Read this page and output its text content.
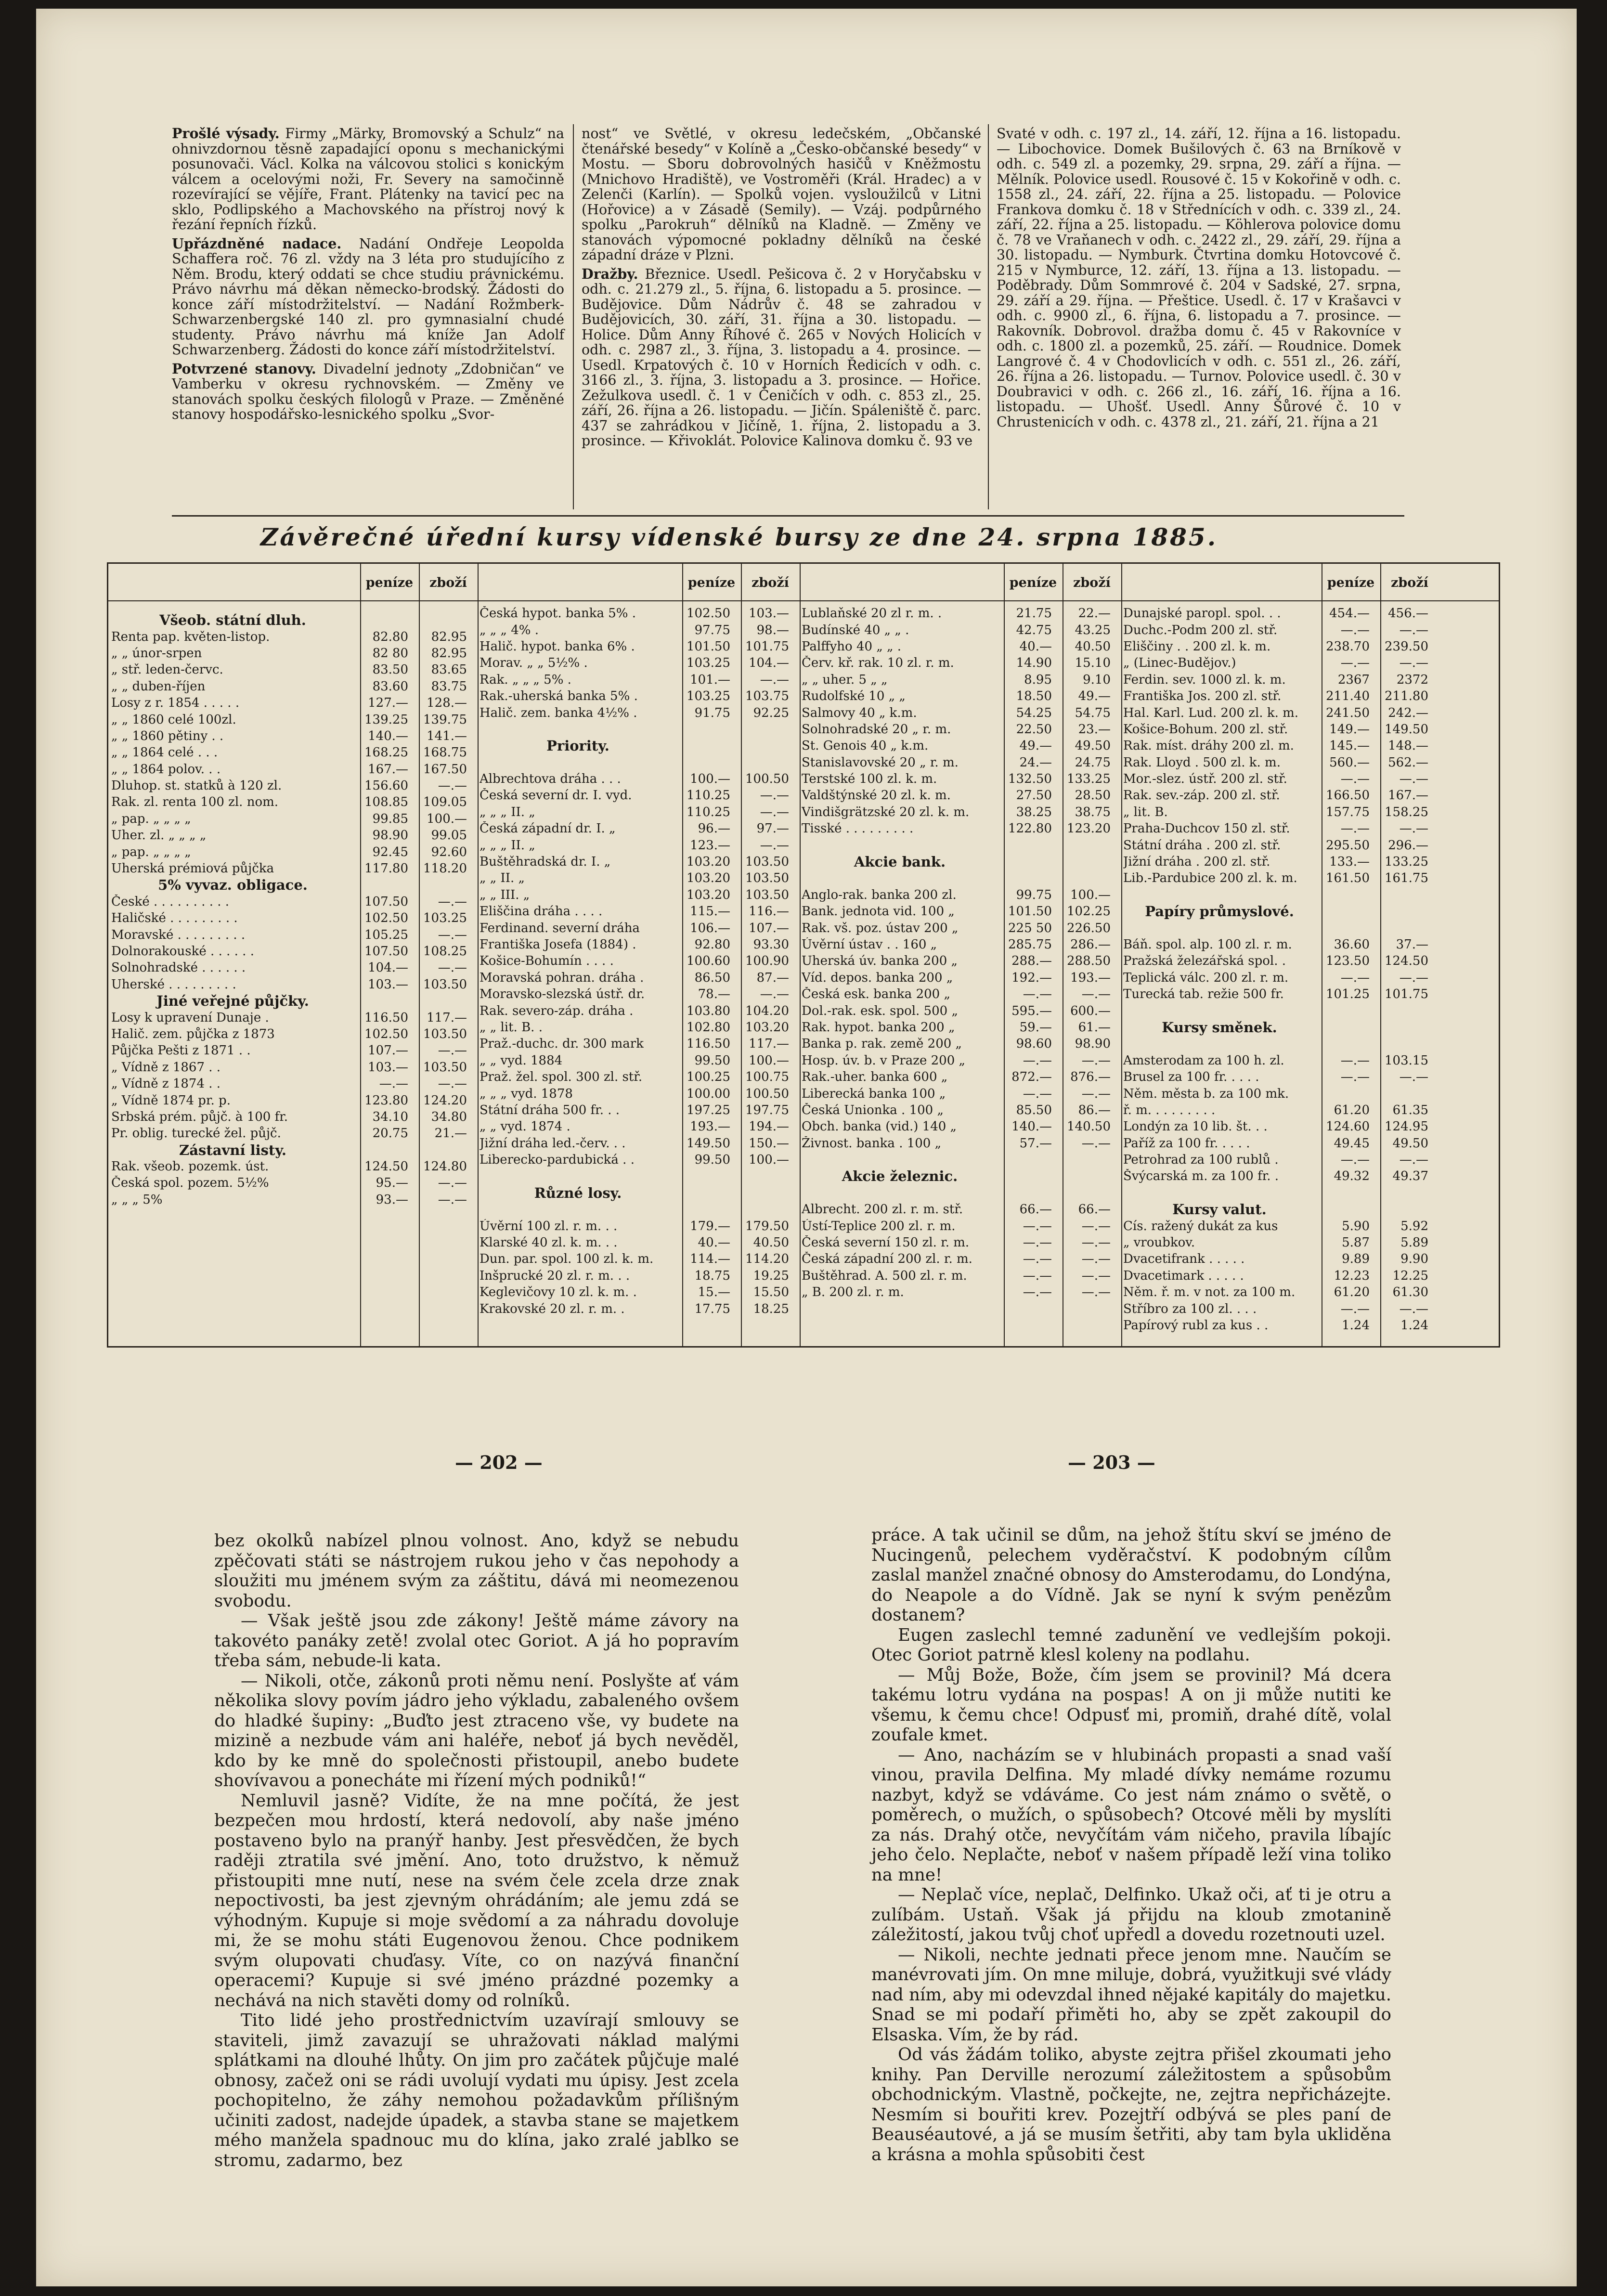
Prošlé výsady. Firmy „Märky, Bromovský a Schulz“ na ohnivzdornou těsně zapadající oponu s mechanickými posunovači. Václ. Kolka na válcovou stolici s konickým válcem a ocelovými noži, Fr. Severy na samočinně rozevírající se vějíře, Frant. Plátenky na tavicí pec na sklo, Podlipského a Machovského na přístroj nový k řezání řepních řízků.

Upřázdněné nadace. Nadání Ondřeje Leopolda Schaffera roč. 76 zl. vždy na 3 léta pro studujícího z Něm. Brodu, který oddati se chce studiu právnickému. Právo návrhu má děkan německo-brodský. Žádosti do konce září místodržitelství. — Nadání Rožmberk-Schwarzenbergské 140 zl. pro gymnasialní chudé studenty. Právo návrhu má kníže Jan Adolf Schwarzenberg. Žádosti do konce září místodržitelství.

Potvrzené stanovy. Divadelní jednoty „Zdobničan“ ve Vamberku v okresu rychnovském. — Změny ve stanovách spolku českých filologů v Praze. — Změněné stanovy hospodářsko-lesnického spolku „Svor-

nost“ ve Světlé, v okresu ledečském, „Občanské čtenářské besedy“ v Kolíně a „Česko-občanské besedy“ v Mostu. — Sboru dobrovolných hasičů v Kněžmostu (Mnichovo Hradiště), ve Vostroměři (Král. Hradec) a v Zelenči (Karlín). — Spolků vojen. vysloužilců v Litni (Hořovice) a v Zásadě (Semily). — Vzáj. podpůrného spolku „Parokruh“ dělníků na Kladně. — Změny ve stanovách výpomocné pokladny dělníků na české západní dráze v Plzni.

Dražby. Březnice. Usedl. Pešicova č. 2 v Horyčabsku v odh. c. 21.279 zl., 5. října, 6. listopadu a 5. prosince. — Budějovice. Dům Nádrův č. 48 se zahradou v Budějovicích, 30. září, 31. října a 30. listopadu. — Holice. Dům Anny Říhové č. 265 v Nových Holicích v odh. c. 2987 zl., 3. října, 3. listopadu a 4. prosince. — Usedl. Krpatových č. 10 v Horních Ředicích v odh. c. 3166 zl., 3. října, 3. listopadu a 3. prosince. — Hořice. Zežulkova usedl. č. 1 v Čeničích v odh. c. 853 zl., 25. září, 26. října a 26. listopadu. — Jičín. Spáleniště č. parc. 437 se zahrádkou v Jičíně, 1. října, 2. listopadu a 3. prosince. — Křivoklát. Polovice Kalinova domku č. 93 ve

Svaté v odh. c. 197 zl., 14. září, 12. října a 16. listopadu. — Libochovice. Domek Bušilových č. 63 na Brníkově v odh. c. 549 zl. a pozemky, 29. srpna, 29. září a října. — Mělník. Polovice usedl. Rousové č. 15 v Kokořině v odh. c. 1558 zl., 24. září, 22. října a 25. listopadu. — Polovice Frankova domku č. 18 v Střednících v odh. c. 339 zl., 24. září, 22. října a 25. listopadu. — Köhlerova polovice domu č. 78 ve Vraňanech v odh. c. 2422 zl., 29. září, 29. října a 30. listopadu. — Nymburk. Čtvrtina domku Hotovcové č. 215 v Nymburce, 12. září, 13. října a 13. listopadu. — Poděbrady. Dům Sommrové č. 204 v Sadské, 27. srpna, 29. září a 29. října. — Přeštice. Usedl. č. 17 v Krašavci v odh. c. 9900 zl., 6. října, 6. listopadu a 7. prosince. — Rakovník. Dobrovol. dražba domu č. 45 v Rakovníce v odh. c. 1800 zl. a pozemků, 25. září. — Roudnice. Domek Langrové č. 4 v Chodovlicích v odh. c. 551 zl., 26. září, 26. října a 26. listopadu. — Turnov. Polovice usedl. č. 30 v Doubravici v odh. c. 266 zl., 16. září, 16. října a 16. listopadu. — Uhošť. Usedl. Anny Šůrové č. 10 v Chrustenicích v odh. c. 4378 zl., 21. září, 21. října a 21

Závěrečné úřední kursy vídenské bursy ze dne 24. srpna 1885.
peníze	zboží	peníze	zboží	peníze	zboží	peníze	zboží
Všeob. státní dluh.
Renta pap. květen-listop.	82.80	82.95
„ „ únor-srpen	82 80	82.95
„ stř. leden-červc.	83.50	83.65
„ „ duben-říjen	83.60	83.75
Losy z r. 1854 . . . . .	127.—	128.—
„ „ 1860 celé 100zl.	139.25	139.75
„ „ 1860 pětiny . .	140.—	141.—
„ „ 1864 celé . . .	168.25	168.75
„ „ 1864 polov. . .	167.—	167.50
Dluhop. st. statků à 120 zl.	156.60	—.—
Rak. zl. renta 100 zl. nom.	108.85	109.05
„ pap. „ „ „ „	99.85	100.—
Uher. zl. „ „ „ „	98.90	99.05
„ pap. „ „ „ „	92.45	92.60
Uherská prémiová půjčka	117.80	118.20
5% vyvaz. obligace.
České . . . . . . . . . .	107.50	—.—
Haličské . . . . . . . . .	102.50	103.25
Moravské . . . . . . . . .	105.25	—.—
Dolnorakouské . . . . . .	107.50	108.25
Solnohradské . . . . . .	104.—	—.—
Uherské . . . . . . . . .	103.—	103.50
Jiné veřejné půjčky.
Losy k upravení Dunaje .	116.50	117.—
Halič. zem. půjčka z 1873	102.50	103.50
Půjčka Pešti z 1871 . .	107.—	—.—
„ Vídně z 1867 . .	103.—	103.50
„ Vídně z 1874 . .	—.—	—.—
„ Vídně 1874 pr. p.	123.80	124.20
Srbská prém. půjč. à 100 fr.	34.10	34.80
Pr. oblig. turecké žel. půjč.	20.75	21.—
Zástavní listy.
Rak. všeob. pozemk. úst.	124.50	124.80
Česká spol. pozem. 5⅟₂%	95.—	—.—
„ „ „ 5%	93.—	—.—
Česká hypot. banka 5% .	102.50	103.—
„ „ „ 4% .	97.75	98.—
Halič. hypot. banka 6% .	101.50	101.75
Morav. „ „ 5⅟₂% .	103.25	104.—
Rak. „ „ „ 5% .	101.—	—.—
Rak.-uherská banka 5% .	103.25	103.75
Halič. zem. banka 4⅟₂% .	91.75	92.25
Priority.
Albrechtova dráha . . .	100.—	100.50
Česká severní dr. I. vyd.	110.25	—.—
„ „ „ II. „	110.25	—.—
Česká západní dr. I. „	96.—	97.—
„ „ „ II. „	123.—	—.—
Buštěhradská dr. I. „	103.20	103.50
„ „ II. „	103.20	103.50
„ „ III. „	103.20	103.50
Eliščina dráha . . . .	115.—	116.—
Ferdinand. severní dráha	106.—	107.—
Františka Josefa (1884) .	92.80	93.30
Košice-Bohumín . . . .	100.60	100.90
Moravská pohran. dráha .	86.50	87.—
Moravsko-slezská ústř. dr.	78.—	—.—
Rak. severo-záp. dráha .	103.80	104.20
„ „ lit. B. .	102.80	103.20
Praž.-duchc. dr. 300 mark	116.50	117.—
„ „ vyd. 1884	99.50	100.—
Praž. žel. spol. 300 zl. stř.	100.25	100.75
„ „ „ vyd. 1878	100.00	100.50
Státní dráha 500 fr. . .	197.25	197.75
„ „ vyd. 1874 .	193.—	194.—
Jižní dráha led.-červ. . .	149.50	150.—
Liberecko-pardubická . .	99.50	100.—
Různé losy.
Úvěrní 100 zl. r. m. . .	179.—	179.50
Klarské 40 zl. k. m. . .	40.—	40.50
Dun. par. spol. 100 zl. k. m.	114.—	114.20
Inšprucké 20 zl. r. m. . .	18.75	19.25
Keglevičovy 10 zl. k. m. .	15.—	15.50
Krakovské 20 zl. r. m. .	17.75	18.25
Lublaňské 20 zl r. m. .	21.75	22.—
Budínské 40 „ „ .	42.75	43.25
Palffyho 40 „ „ .	40.—	40.50
Červ. kř. rak. 10 zl. r. m.	14.90	15.10
„ „ uher. 5 „ „	8.95	9.10
Rudolfské 10 „ „	18.50	49.—
Salmovy 40 „ k.m.	54.25	54.75
Solnohradské 20 „ r. m.	22.50	23.—
St. Genois 40 „ k.m.	49.—	49.50
Stanislavovské 20 „ r. m.	24.—	24.75
Terstské 100 zl. k. m.	132.50	133.25
Valdštýnské 20 zl. k. m.	27.50	28.50
Vindišgrätzské 20 zl. k. m.	38.25	38.75
Tisské . . . . . . . . .	122.80	123.20
Akcie bank.
Anglo-rak. banka 200 zl.	99.75	100.—
Bank. jednota vid. 100 „	101.50	102.25
Rak. vš. poz. ústav 200 „	225 50	226.50
Úvěrní ústav . . 160 „	285.75	286.—
Uherská úv. banka 200 „	288.—	288.50
Víd. depos. banka 200 „	192.—	193.—
Česká esk. banka 200 „	—.—	—.—
Dol.-rak. esk. spol. 500 „	595.—	600.—
Rak. hypot. banka 200 „	59.—	61.—
Banka p. rak. země 200 „	98.60	98.90
Hosp. úv. b. v Praze 200 „	—.—	—.—
Rak.-uher. banka 600 „	872.—	876.—
Liberecká banka 100 „	—.—	—.—
Česká Unionka . 100 „	85.50	86.—
Obch. banka (vid.) 140 „	140.—	140.50
Živnost. banka . 100 „	57.—	—.—
Akcie železnic.
Albrecht. 200 zl. r. m. stř.	66.—	66.—
Ústí-Teplice 200 zl. r. m.	—.—	—.—
Česká severní 150 zl. r. m.	—.—	—.—
Česká západní 200 zl. r. m.	—.—	—.—
Buštěhrad. A. 500 zl. r. m.	—.—	—.—
„ B. 200 zl. r. m.	—.—	—.—
Dunajské paropl. spol. . .	454.—	456.—
Duchc.-Podm 200 zl. stř.	—.—	—.—
Eliščiny . . 200 zl. k. m.	238.70	239.50
„ (Linec-Budějov.)	—.—	—.—
Ferdin. sev. 1000 zl. k. m.	2367	2372
Františka Jos. 200 zl. stř.	211.40	211.80
Hal. Karl. Lud. 200 zl. k. m.	241.50	242.—
Košice-Bohum. 200 zl. stř.	149.—	149.50
Rak. míst. dráhy 200 zl. m.	145.—	148.—
Rak. Lloyd . 500 zl. k. m.	560.—	562.—
Mor.-slez. ústř. 200 zl. stř.	—.—	—.—
Rak. sev.-záp. 200 zl. stř.	166.50	167.—
„ lit. B.	157.75	158.25
Praha-Duchcov 150 zl. stř.	—.—	—.—
Státní dráha . 200 zl. stř.	295.50	296.—
Jižní dráha . 200 zl. stř.	133.—	133.25
Lib.-Pardubice 200 zl. k. m.	161.50	161.75
Papíry průmyslové.
Báň. spol. alp. 100 zl. r. m.	36.60	37.—
Pražská železářská spol. .	123.50	124.50
Teplická válc. 200 zl. r. m.	—.—	—.—
Turecká tab. režie 500 fr.	101.25	101.75
Kursy směnek.
Amsterodam za 100 h. zl.	—.—	103.15
Brusel za 100 fr. . . . .	—.—	—.—
Něm. města b. za 100 mk.
ř. m. . . . . . . . .	61.20	61.35
Londýn za 10 lib. št. . .	124.60	124.95
Paříž za 100 fr. . . . .	49.45	49.50
Petrohrad za 100 rublů .	—.—	—.—
Švýcarská m. za 100 fr. .	49.32	49.37
Kursy valut.
Cís. ražený dukát za kus	5.90	5.92
„ vroubkov.	5.87	5.89
Dvacetifrank . . . . .	9.89	9.90
Dvacetimark . . . . .	12.23	12.25
Něm. ř. m. v not. za 100 m.	61.20	61.30
Stříbro za 100 zl. . . .	—.—	—.—
Papírový rubl za kus . .	1.24	1.24
— 202 —	— 203 —

bez okolků nabízel plnou volnost. Ano, když se nebudu zpěčovati státi se nástrojem rukou jeho v čas nepohody a sloužiti mu jménem svým za záštitu, dává mi neomezenou svobodu.

— Však ještě jsou zde zákony! Ještě máme závory na takovéto panáky zetě! zvolal otec Goriot. A já ho popravím třeba sám, nebude-li kata.

— Nikoli, otče, zákonů proti němu není. Poslyšte ať vám několika slovy povím jádro jeho výkladu, zabaleného ovšem do hladké šupiny: „Buďto jest ztraceno vše, vy budete na mizině a nezbude vám ani haléře, neboť já bych nevěděl, kdo by ke mně do společnosti přistoupil, anebo budete shovívavou a ponecháte mi řízení mých podniků!“

Nemluvil jasně? Vidíte, že na mne počítá, že jest bezpečen mou hrdostí, která nedovolí, aby naše jméno postaveno bylo na pranýř hanby. Jest přesvědčen, že bych raději ztratila své jmění. Ano, toto družstvo, k němuž přistoupiti mne nutí, nese na svém čele zcela drze znak nepoctivosti, ba jest zjevným ohrádáním; ale jemu zdá se výhodným. Kupuje si moje svědomí a za náhradu dovoluje mi, že se mohu státi Eugenovou ženou. Chce podnikem svým olupovati chuďasy. Víte, co on nazývá finanční operacemi? Kupuje si své jméno prázdné pozemky a nechává na nich stavěti domy od rolníků.

Tito lidé jeho prostřednictvím uzavírají smlouvy se staviteli, jimž zavazují se uhražovati náklad malými splátkami na dlouhé lhůty. On jim pro začátek půjčuje malé obnosy, začež oni se rádi uvolují vydati mu úpisy. Jest zcela pochopitelno, že záhy nemohou požadavkům přílišným učiniti zadost, nadejde úpadek, a stavba stane se majetkem mého manžela spadnouc mu do klína, jako zralé jablko se stromu, zadarmo, bez

práce. A tak učinil se dům, na jehož štítu skví se jméno de Nucingenů, pelechem vyděračství. K podobným cílům zaslal manžel značné obnosy do Amsterodamu, do Londýna, do Neapole a do Vídně. Jak se nyní k svým penězům dostanem?

Eugen zaslechl temné zadunění ve vedlejším pokoji. Otec Goriot patrně klesl koleny na podlahu.

— Můj Bože, Bože, čím jsem se provinil? Má dcera takému lotru vydána na pospas! A on ji může nutiti ke všemu, k čemu chce! Odpusť mi, promiň, drahé dítě, volal zoufale kmet.

— Ano, nacházím se v hlubinách propasti a snad vaší vinou, pravila Delfina. My mladé dívky nemáme rozumu nazbyt, když se vdáváme. Co jest nám známo o světě, o poměrech, o mužích, o spůsobech? Otcové měli by myslíti za nás. Drahý otče, nevyčítám vám ničeho, pravila líbajíc jeho čelo. Neplačte, neboť v našem případě leží vina toliko na mne!

— Neplač více, neplač, Delfinko. Ukaž oči, ať ti je otru a zulíbám. Ustaň. Však já přijdu na kloub zmotanině záležitostí, jakou tvůj choť upředl a dovedu rozetnouti uzel.

— Nikoli, nechte jednati přece jenom mne. Naučím se manévrovati jím. On mne miluje, dobrá, využitkuji své vlády nad ním, aby mi odevzdal ihned nějaké kapitály do majetku. Snad se mi podaří přiměti ho, aby se zpět zakoupil do Elsaska. Vím, že by rád.

Od vás žádám toliko, abyste zejtra přišel zkoumati jeho knihy. Pan Derville nerozumí záležitostem a spůsobům obchodnickým. Vlastně, počkejte, ne, zejtra nepřicházejte. Nesmím si bouřiti krev. Pozejtří odbývá se ples paní de Beauséautové, a já se musím šetřiti, aby tam byla ukliděna a krásna a mohla spůsobiti čest
